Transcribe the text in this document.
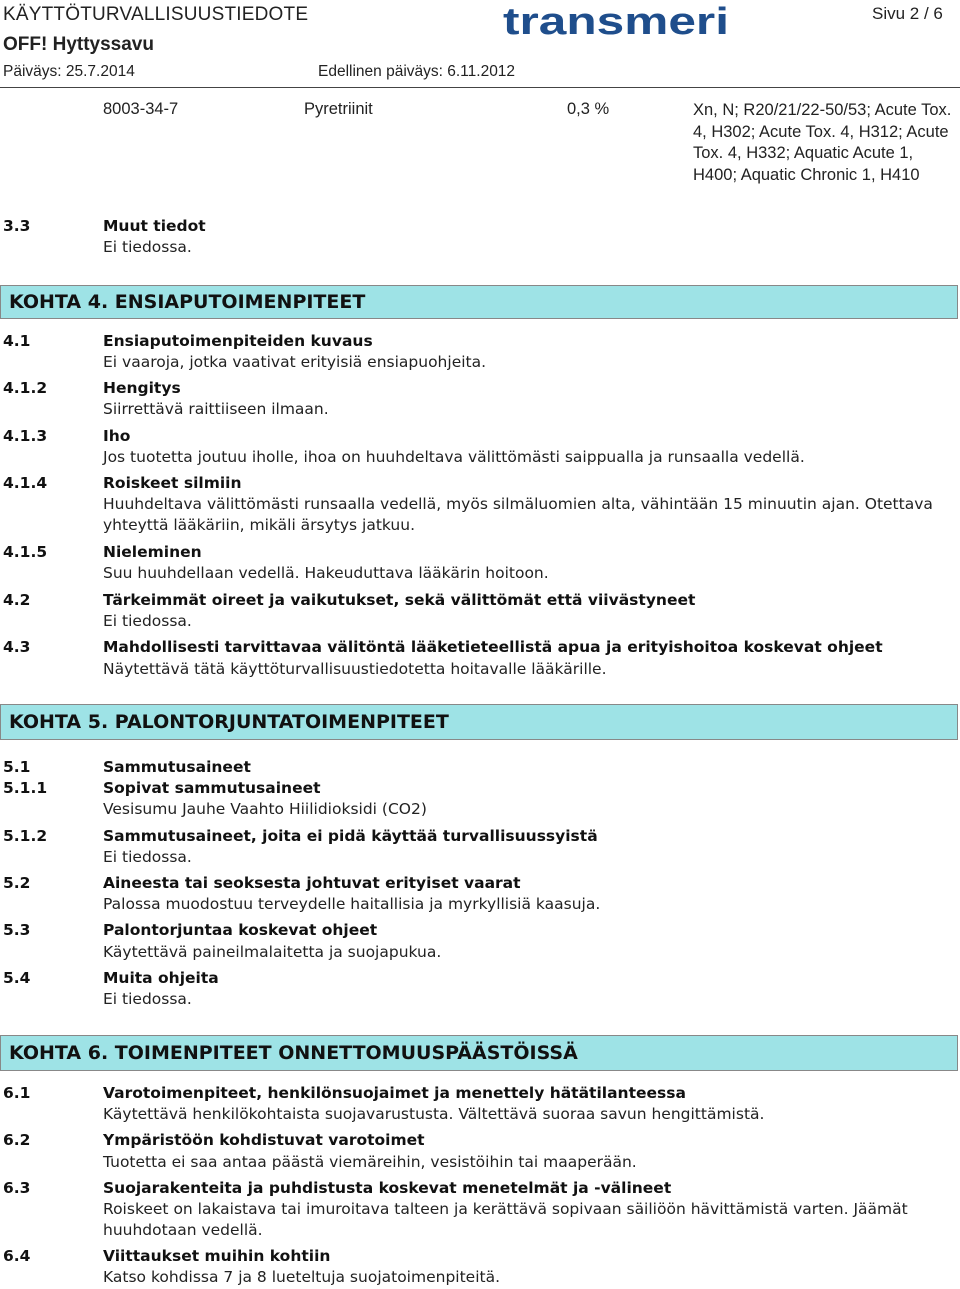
KÄYTTÖTURVALLISUUSTIEDOTE
OFF! Hyttyssavu
Päiväys: 25.7.2014	Edellinen päiväys: 6.11.2012
Sivu 2 / 6
transmeri
8003-34-7	Pyretriinit	0,3 %	Xn, N; R20/21/22-50/53; Acute Tox. 4, H302; Acute Tox. 4, H312; Acute Tox. 4, H332; Aquatic Acute 1, H400; Aquatic Chronic 1, H410
3.3	Muut tiedot
Ei tiedossa.
KOHTA 4. ENSIAPUTOIMENPITEET
4.1	Ensiaputoimenpiteiden kuvaus
Ei vaaroja, jotka vaativat erityisiä ensiapuohjeita.
4.1.2	Hengitys
Siirrettävä raittiiseen ilmaan.
4.1.3	Iho
Jos tuotetta joutuu iholle, ihoa on huuhdeltava välittömästi saippualla ja runsaalla vedellä.
4.1.4	Roiskeet silmiin
Huuhdeltava välittömästi runsaalla vedellä, myös silmäluomien alta, vähintään 15 minuutin ajan. Otettava yhteyttä lääkäriin, mikäli ärsytys jatkuu.
4.1.5	Nieleminen
Suu huuhdellaan vedellä. Hakeuduttava lääkärin hoitoon.
4.2	Tärkeimmät oireet ja vaikutukset, sekä välittömät että viivästyneet
Ei tiedossa.
4.3	Mahdollisesti tarvittavaa välitöntä lääketieteellistä apua ja erityishoitoa koskevat ohjeet
Näytettävä tätä käyttöturvallisuustiedotetta hoitavalle lääkärille.
KOHTA 5. PALONTORJUNTATOIMENPITEET
5.1	Sammutusaineet
5.1.1	Sopivat sammutusaineet
Vesisumu Jauhe Vaahto Hiilidioksidi (CO2)
5.1.2	Sammutusaineet, joita ei pidä käyttää turvallisuussyistä
Ei tiedossa.
5.2	Aineesta tai seoksesta johtuvat erityiset vaarat
Palossa muodostuu terveydelle haitallisia ja myrkyllisiä kaasuja.
5.3	Palontorjuntaa koskevat ohjeet
Käytettävä paineilmalaitetta ja suojapukua.
5.4	Muita ohjeita
Ei tiedossa.
KOHTA 6. TOIMENPITEET ONNETTOMUUSPÄÄSTÖISSÄ
6.1	Varotoimenpiteet, henkilönsuojaimet ja menettely hätätilanteessa
Käytettävä henkilökohtaista suojavarustusta. Vältettävä suoraa savun hengittämistä.
6.2	Ympäristöön kohdistuvat varotoimet
Tuotetta ei saa antaa päästä viemäreihin, vesistöihin tai maaperään.
6.3	Suojarakenteita ja puhdistusta koskevat menetelmät ja -välineet
Roiskeet on lakaistava tai imuroitava talteen ja kerättävä sopivaan säiliöön hävittämistä varten. Jäämät huuhdotaan vedellä.
6.4	Viittaukset muihin kohtiin
Katso kohdissa 7 ja 8 lueteltuja suojatoimenpiteitä.
